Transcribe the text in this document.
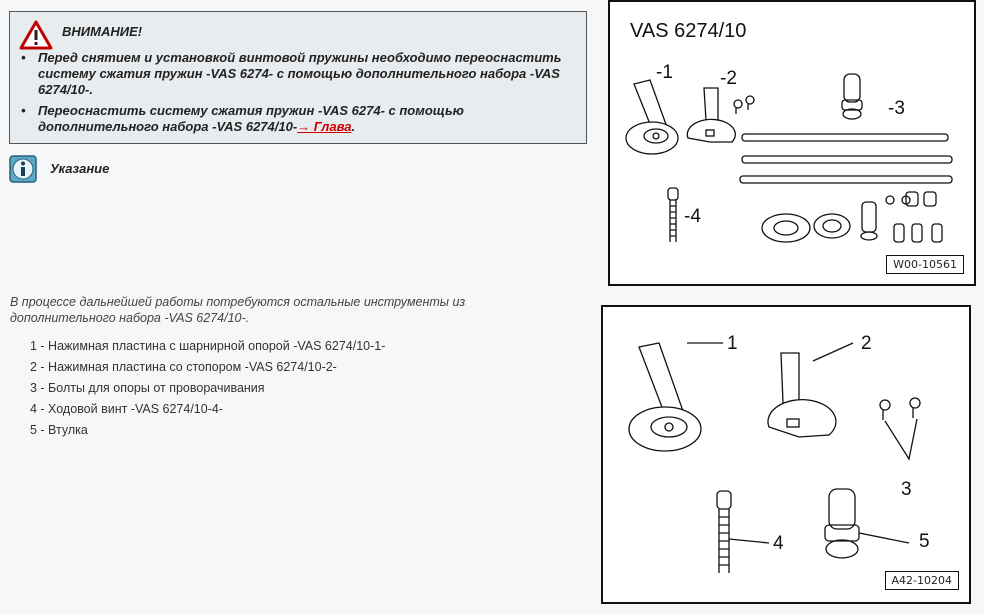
ВНИМАНИЕ!
• Перед снятием и установкой винтовой пружины необходимо переоснастить систему сжатия пружин -VAS 6274- с помощью дополнительного набора -VAS 6274/10-.
• Переоснастить систему сжатия пружин -VAS 6274- с помощью дополнительного набора -VAS 6274/10-→ Глава.
Указание
В процессе дальнейшей работы потребуются остальные инструменты из дополнительного набора -VAS 6274/10-.
1 - Нажимная пластина с шарнирной опорой -VAS 6274/10-1-
2 - Нажимная пластина со стопором -VAS 6274/10-2-
3 - Болты для опоры от проворачивания
4 - Ходовой винт -VAS 6274/10-4-
5 - Втулка
VAS 6274/10
-1 -2
-3
-4
W00-10561
1	2
3
4	5
A42-10204
